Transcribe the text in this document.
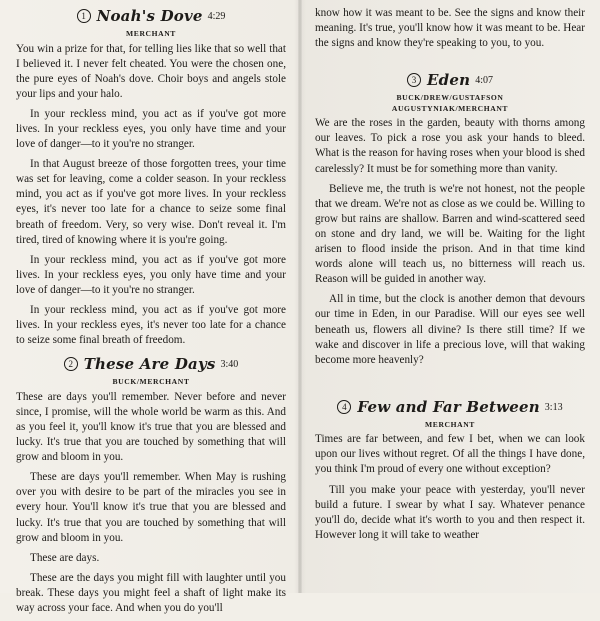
1 Noah's Dove 4:29
MERCHANT

You win a prize for that, for telling lies like that so well that I believed it. I never felt cheated. You were the chosen one, the pure eyes of Noah's dove. Choir boys and angels stole your lips and your halo.

In your reckless mind, you act as if you've got more lives. In your reckless eyes, you only have time and your love of danger—to it you're no stranger.

In that August breeze of those forgotten trees, your time was set for leaving, come a colder season. In your reckless mind, you act as if you've got more lives. In your reckless eyes, it's never too late for a chance to seize some final breath of freedom. Very, so very wise. Don't reveal it. I'm tired, tired of knowing where it is you're going.

In your reckless mind, you act as if you've got more lives. In your reckless eyes, you only have time and your love of danger—to it you're no stranger.

In your reckless mind, you act as if you've got more lives. In your reckless eyes, it's never too late for a chance to seize some final breath of freedom.

2 These Are Days 3:40
BUCK/MERCHANT

These are days you'll remember. Never before and never since, I promise, will the whole world be warm as this. And as you feel it, you'll know it's true that you are blessed and lucky. It's true that you are touched by something that will grow and bloom in you.

These are days you'll remember. When May is rushing over you with desire to be part of the miracles you see in every hour. You'll know it's true that you are blessed and lucky. It's true that you are touched by something that will grow and bloom in you.

These are days.

These are the days you might fill with laughter until you break. These days you might feel a shaft of light make its way across your face. And when you do you'll

know how it was meant to be. See the signs and know their meaning. It's true, you'll know how it was meant to be. Hear the signs and know they're speaking to you, to you.

3 Eden 4:07
BUCK/DREW/GUSTAFSON
AUGUSTYNIAK/MERCHANT

We are the roses in the garden, beauty with thorns among our leaves. To pick a rose you ask your hands to bleed. What is the reason for having roses when your blood is shed carelessly? It must be for something more than vanity.

Believe me, the truth is we're not honest, not the people that we dream. We're not as close as we could be. Willing to grow but rains are shallow. Barren and wind-scattered seed on stone and dry land, we will be. Waiting for the light arisen to flood inside the prison. And in that time kind words alone will teach us, no bitterness will reach us. Reason will be guided in another way.

All in time, but the clock is another demon that devours our time in Eden, in our Paradise. Will our eyes see well beneath us, flowers all divine? Is there still time? If we wake and discover in life a precious love, will that waking become more heavenly?

4 Few and Far Between 3:13
MERCHANT

Times are far between, and few I bet, when we can look upon our lives without regret. Of all the things I have done, you think I'm proud of every one without exception?

Till you make your peace with yesterday, you'll never build a future. I swear by what I say. Whatever penance you'll do, decide what it's worth to you and then respect it. However long it will take to weather
